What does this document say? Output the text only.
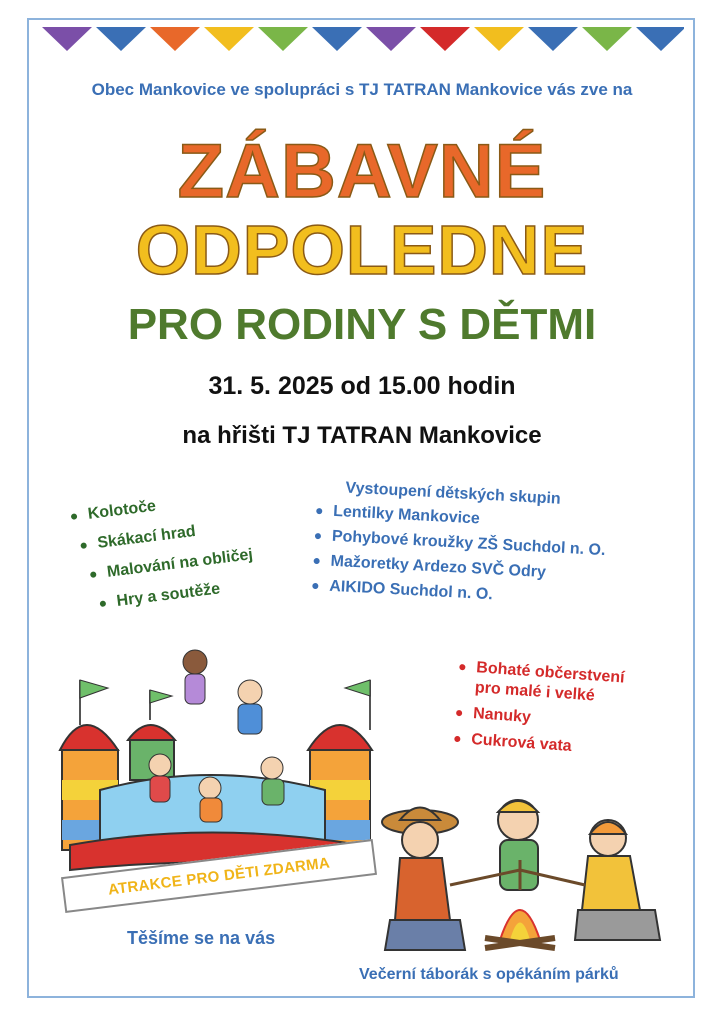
Obec Mankovice ve spolupráci s TJ TATRAN Mankovice vás zve na
ZÁBAVNÉ
ODPOLEDNE
PRO RODINY S DĚTMI
31. 5. 2025 od 15.00 hodin
na hřišti TJ TATRAN Mankovice
Kolotoče
Skákací hrad
Malování na obličej
Hry a soutěže
Vystoupení dětských skupin
Lentilky Mankovice
Pohybové kroužky ZŠ Suchdol n. O.
Mažoretky Ardezo SVČ Odry
AIKIDO Suchdol n. O.
Bohaté občerstvení
pro malé i velké
Nanuky
Cukrová vata
ATRAKCE PRO DĚTI ZDARMA
Těšíme se na vás
Večerní táborák s opékáním párků
